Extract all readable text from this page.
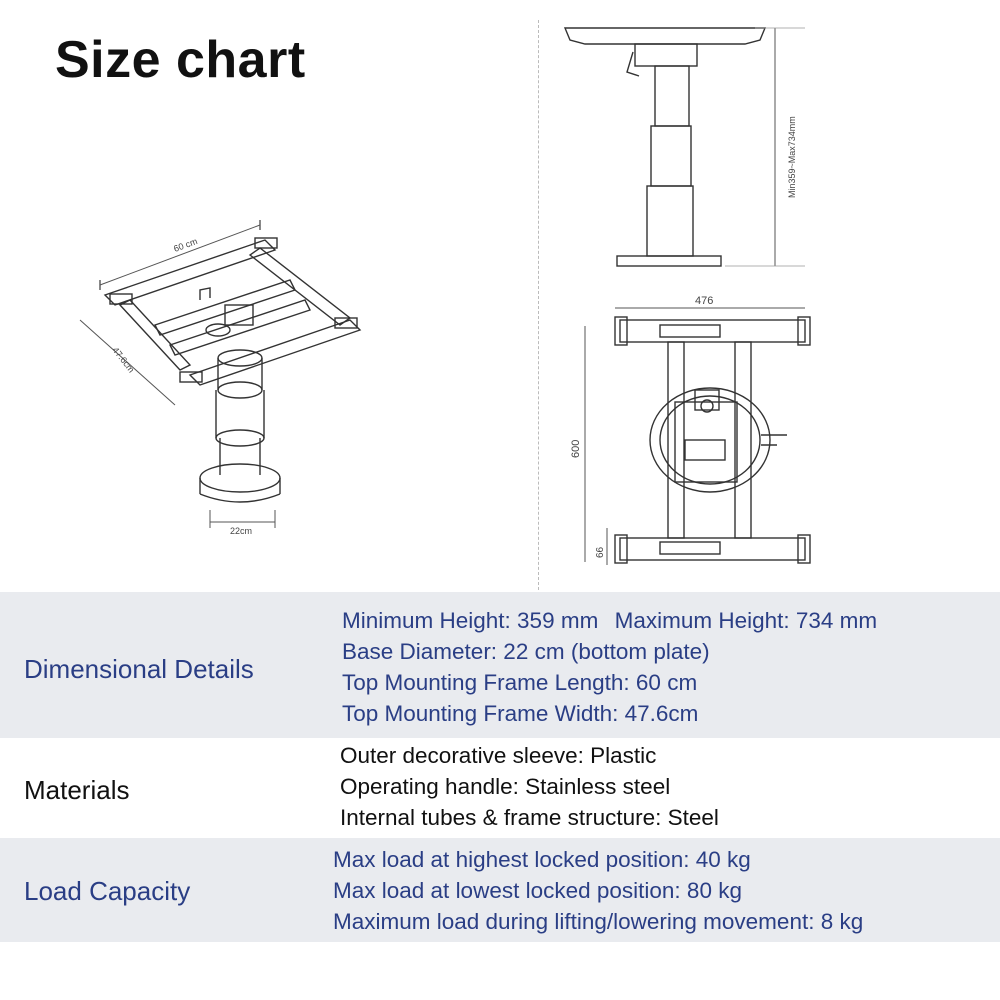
Size chart
60 cm
47.6cm
22cm
Min359~Max734mm
476
600
66
Dimensional Details
Minimum Height: 359 mm Maximum Height: 734 mm
Base Diameter: 22 cm (bottom plate)
Top Mounting Frame Length: 60 cm
Top Mounting Frame Width: 47.6cm
Materials
Outer decorative sleeve: Plastic
Operating handle: Stainless steel
Internal tubes & frame structure: Steel
Load Capacity
Max load at highest locked position: 40 kg
Max load at lowest locked position: 80 kg
Maximum load during lifting/lowering movement: 8 kg
